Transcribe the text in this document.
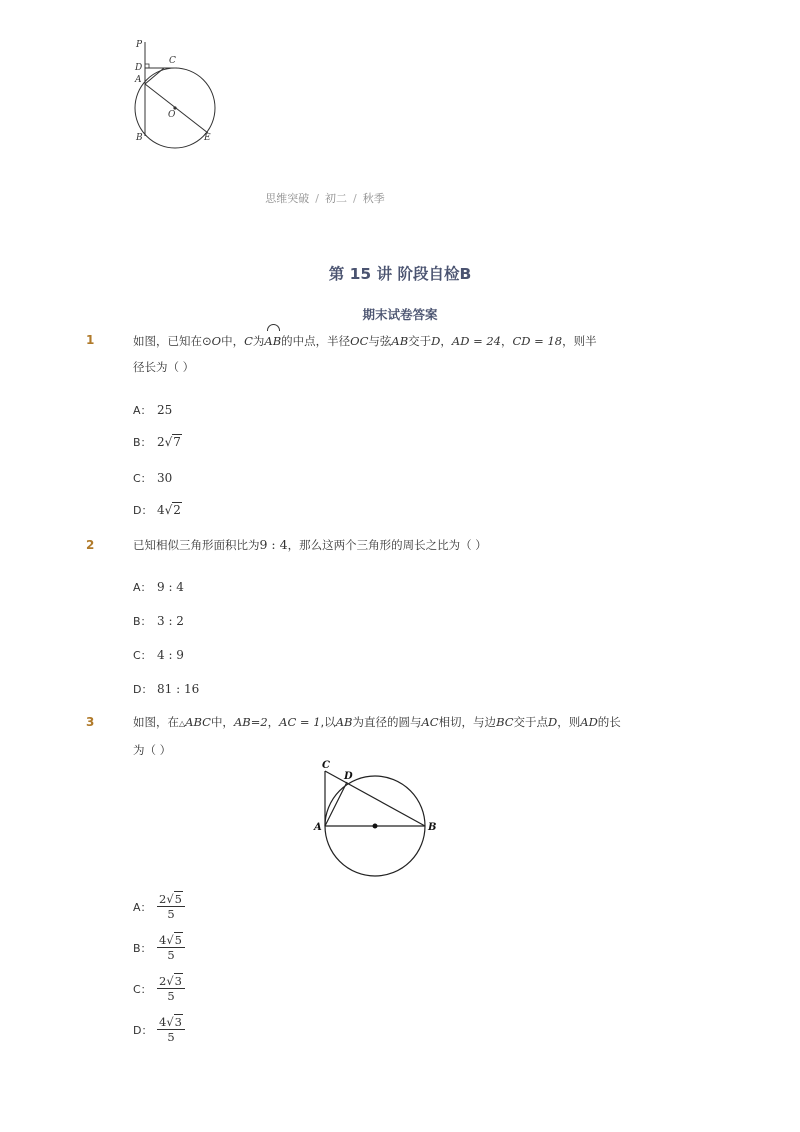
P
C
D
A
O
B	E
思维突破 / 初二 / 秋季
第 15 讲 阶段自检B
期末试卷答案
1	如图，已知在⊙O中，C为AB的中点，半径OC与弦AB交于D，AD = 24，CD = 18，则半
径长为（ ）
A： 25
B： 2√7
C： 30
D： 4√2
2	已知相似三角形面积比为9 : 4，那么这两个三角形的周长之比为（ ）
A： 9 : 4
B： 3 : 2
C： 4 : 9
D： 81 : 16
3	如图，在△ABC中，AB=2，AC = 1,以AB为直径的圆与AC相切，与边BC交于点D，则AD的长
为（ ）
C
D
A	B
A： $\frac{2√5}{5}$
B： $\frac{4√5}{5}$
C： $\frac{2√3}{5}$
D： $\frac{4√3}{5}$
